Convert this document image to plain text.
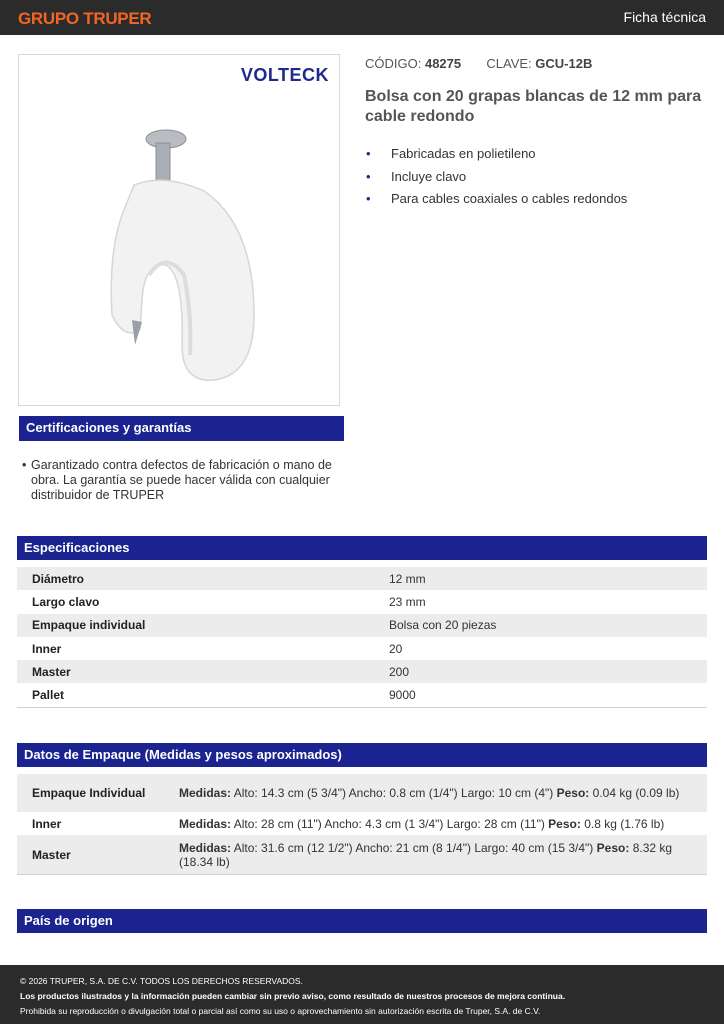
GRUPO TRUPER	Ficha técnica
VOLTECK
CÓDIGO: 48275 CLAVE: GCU-12B
Bolsa con 20 grapas blancas de 12 mm para cable redondo
• Fabricadas en polietileno
• Incluye clavo
• Para cables coaxiales o cables redondos
Certificaciones y garantías
• Garantizado contra defectos de fabricación o mano de obra. La garantía se puede hacer válida con cualquier distribuidor de TRUPER
Especificaciones
Diámetro	12 mm
Largo clavo	23 mm
Empaque individual	Bolsa con 20 piezas
Inner	20
Master	200
Pallet	9000
Datos de Empaque (Medidas y pesos aproximados)
Empaque Individual	Medidas: Alto: 14.3 cm (5 3/4") Ancho: 0.8 cm (1/4") Largo: 10 cm (4") Peso: 0.04 kg (0.09 lb)
Inner	Medidas: Alto: 28 cm (11") Ancho: 4.3 cm (1 3/4") Largo: 28 cm (11") Peso: 0.8 kg (1.76 lb)
Master	Medidas: Alto: 31.6 cm (12 1/2") Ancho: 21 cm (8 1/4") Largo: 40 cm (15 3/4") Peso: 8.32 kg (18.34 lb)
País de origen
© 2026 TRUPER, S.A. DE C.V. TODOS LOS DERECHOS RESERVADOS.
Los productos ilustrados y la información pueden cambiar sin previo aviso, como resultado de nuestros procesos de mejora continua.
Prohibida su reproducción o divulgación total o parcial así como su uso o aprovechamiento sin autorización escrita de Truper, S.A. de C.V.
